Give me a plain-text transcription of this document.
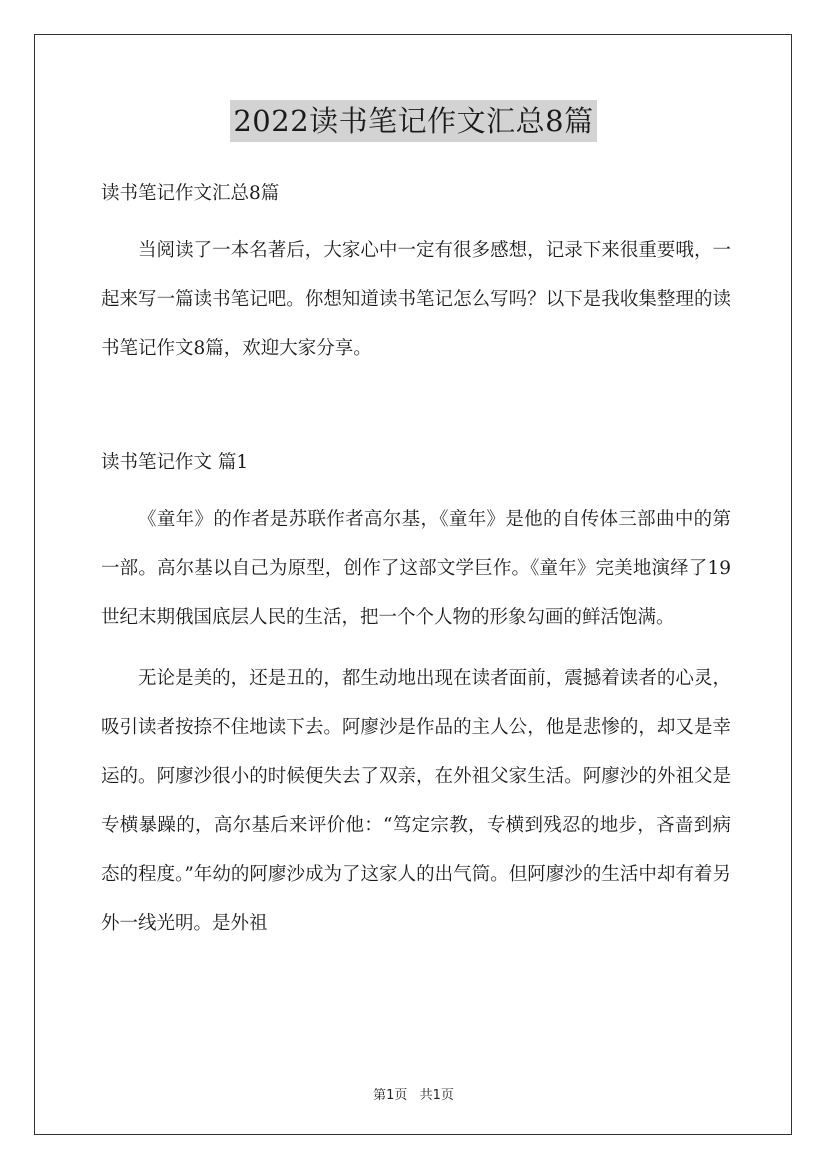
2022读书笔记作文汇总8篇

读书笔记作文汇总8篇

当阅读了一本名著后，大家心中一定有很多感想，记录下来很重要哦，一起来写一篇读书笔记吧。你想知道读书笔记怎么写吗？以下是我收集整理的读书笔记作文8篇，欢迎大家分享。

读书笔记作文 篇1

《童年》的作者是苏联作者高尔基，《童年》是他的自传体三部曲中的第一部。高尔基以自己为原型，创作了这部文学巨作。《童年》完美地演绎了19世纪末期俄国底层人民的生活，把一个个人物的形象勾画的鲜活饱满。

无论是美的，还是丑的，都生动地出现在读者面前，震撼着读者的心灵，吸引读者按捺不住地读下去。阿廖沙是作品的主人公，他是悲惨的，却又是幸运的。阿廖沙很小的时候便失去了双亲，在外祖父家生活。阿廖沙的外祖父是专横暴躁的，高尔基后来评价他：“笃定宗教，专横到残忍的地步，吝啬到病态的程度。”年幼的阿廖沙成为了这家人的出气筒。但阿廖沙的生活中却有着另外一线光明。是外祖

第1页 共1页
